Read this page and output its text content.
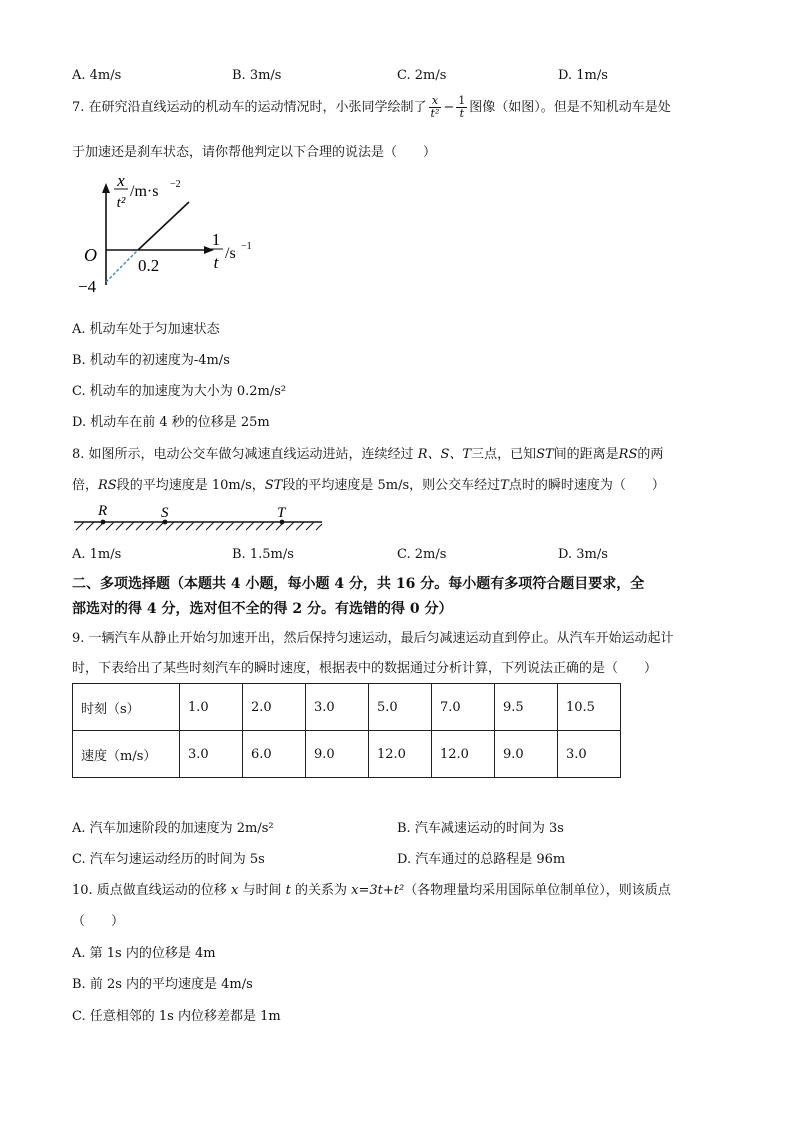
A. 4m/s	B. 3m/s	C. 2m/s	D. 1m/s
7. 在研究沿直线运动的机动车的运动情况时，小张同学绘制了 $\frac{x}{\text{t²}} - \frac{1}{t}$ 图像（如图）。但是不知机动车是处
于加速还是刹车状态，请你帮他判定以下合理的说法是（　　）
x
t²
/m·s −2
1
t /s −1
O
0.2
−4
A. 机动车处于匀加速状态
B. 机动车的初速度为-4m/s
C. 机动车的加速度为大小为 0.2m/s²
D. 机动车在前 4 秒的位移是 25m
8. 如图所示，电动公交车做匀减速直线运动进站，连续经过 R、S、T三点，已知ST间的距离是RS的两
倍，RS段的平均速度是 10m/s，ST段的平均速度是 5m/s，则公交车经过T点时的瞬时速度为（　　）
R	S	T
A. 1m/s	B. 1.5m/s	C. 2m/s	D. 3m/s
二、多项选择题（本题共 4 小题，每小题 4 分，共 16 分。每小题有多项符合题目要求，全
部选对的得 4 分，选对但不全的得 2 分。有选错的得 0 分）
9. 一辆汽车从静止开始匀加速开出，然后保持匀速运动，最后匀减速运动直到停止。从汽车开始运动起计
时，下表给出了某些时刻汽车的瞬时速度，根据表中的数据通过分析计算，下列说法正确的是（　　）
时刻（s）	1.0	2.0	3.0	5.0	7.0	9.5	10.5
速度（m/s）	3.0	6.0	9.0	12.0	12.0	9.0	3.0
A. 汽车加速阶段的加速度为 2m/s²	B. 汽车减速运动的时间为 3s
C. 汽车匀速运动经历的时间为 5s	D. 汽车通过的总路程是 96m
10. 质点做直线运动的位移 x 与时间 t 的关系为 x=3t+t²（各物理量均采用国际单位制单位），则该质点
（　　）
A. 第 1s 内的位移是 4m
B. 前 2s 内的平均速度是 4m/s
C. 任意相邻的 1s 内位移差都是 1m
